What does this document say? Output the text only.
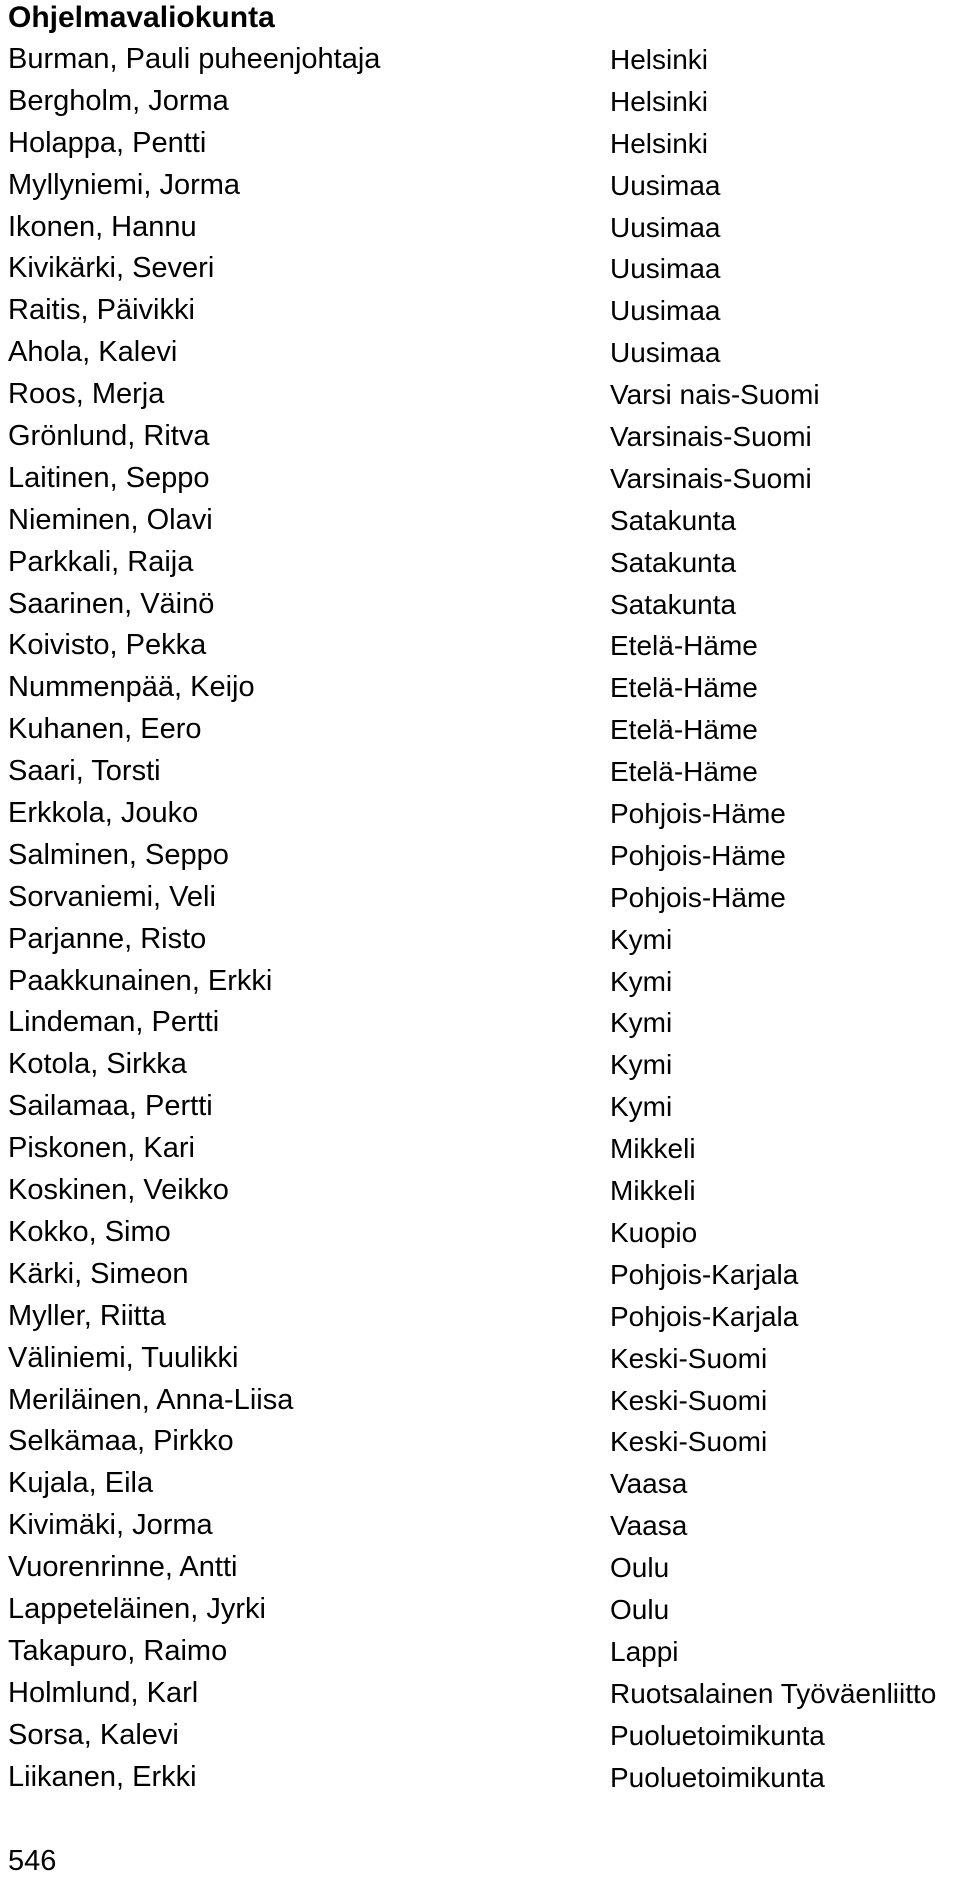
Ohjelmavaliokunta
Burman, Pauli puheenjohtaja	Helsinki
Bergholm, Jorma	Helsinki
Holappa, Pentti	Helsinki
Myllyniemi, Jorma	Uusimaa
Ikonen, Hannu	Uusimaa
Kivikärki, Severi	Uusimaa
Raitis, Päivikki	Uusimaa
Ahola, Kalevi	Uusimaa
Roos, Merja	Varsi nais-Suomi
Grönlund, Ritva	Varsinais-Suomi
Laitinen, Seppo	Varsinais-Suomi
Nieminen, Olavi	Satakunta
Parkkali, Raija	Satakunta
Saarinen, Väinö	Satakunta
Koivisto, Pekka	Etelä-Häme
Nummenpää, Keijo	Etelä-Häme
Kuhanen, Eero	Etelä-Häme
Saari, Torsti	Etelä-Häme
Erkkola, Jouko	Pohjois-Häme
Salminen, Seppo	Pohjois-Häme
Sorvaniemi, Veli	Pohjois-Häme
Parjanne, Risto	Kymi
Paakkunainen, Erkki	Kymi
Lindeman, Pertti	Kymi
Kotola, Sirkka	Kymi
Sailamaa, Pertti	Kymi
Piskonen, Kari	Mikkeli
Koskinen, Veikko	Mikkeli
Kokko, Simo	Kuopio
Kärki, Simeon	Pohjois-Karjala
Myller, Riitta	Pohjois-Karjala
Väliniemi, Tuulikki	Keski-Suomi
Meriläinen, Anna-Liisa	Keski-Suomi
Selkämaa, Pirkko	Keski-Suomi
Kujala, Eila	Vaasa
Kivimäki, Jorma	Vaasa
Vuorenrinne, Antti	Oulu
Lappeteläinen, Jyrki	Oulu
Takapuro, Raimo	Lappi
Holmlund, Karl	Ruotsalainen Työväenliitto
Sorsa, Kalevi	Puoluetoimikunta
Liikanen, Erkki	Puoluetoimikunta
546
